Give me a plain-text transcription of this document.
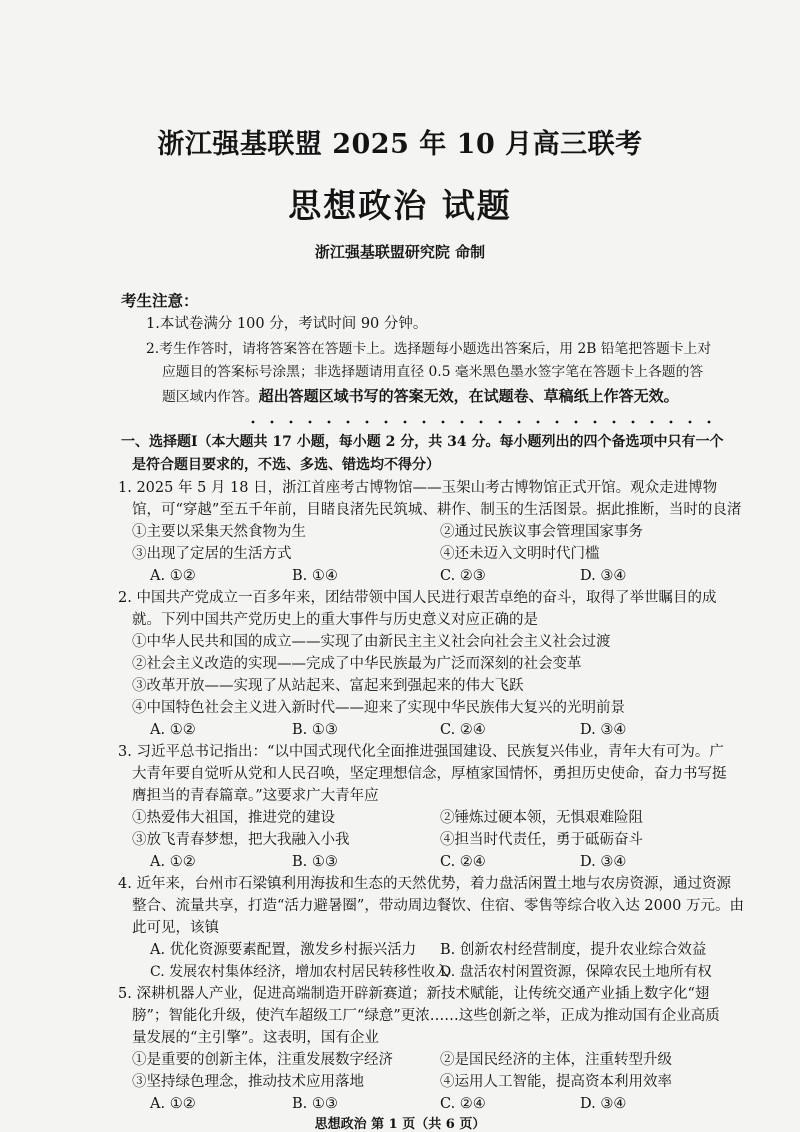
浙江强基联盟 2025 年 10 月高三联考
思想政治 试题
浙江强基联盟研究院 命制
考生注意：
1.本试卷满分 100 分，考试时间 90 分钟。
2.考生作答时，请将答案答在答题卡上。选择题每小题选出答案后，用 2B 铅笔把答题卡上对
应题目的答案标号涂黑；非选择题请用直径 0.5 毫米黑色墨水签字笔在答题卡上各题的答
题区域内作答。超出答题区域书写的答案无效，在试题卷、草稿纸上作答无效。
一、选择题Ⅰ（本大题共 17 小题，每小题 2 分，共 34 分。每小题列出的四个备选项中只有一个
是符合题目要求的，不选、多选、错选均不得分）
1. 2025 年 5 月 18 日，浙江首座考古博物馆——玉架山考古博物馆正式开馆。观众走进博物
馆，可“穿越”至五千年前，目睹良渚先民筑城、耕作、制玉的生活图景。据此推断，当时的良渚
①主要以采集天然食物为生	②通过民族议事会管理国家事务
③出现了定居的生活方式	④还未迈入文明时代门槛
A. ①②	B. ①④	C. ②③	D. ③④
2. 中国共产党成立一百多年来，团结带领中国人民进行艰苦卓绝的奋斗，取得了举世瞩目的成
就。下列中国共产党历史上的重大事件与历史意义对应正确的是
①中华人民共和国的成立——实现了由新民主主义社会向社会主义社会过渡
②社会主义改造的实现——完成了中华民族最为广泛而深刻的社会变革
③改革开放——实现了从站起来、富起来到强起来的伟大飞跃
④中国特色社会主义进入新时代——迎来了实现中华民族伟大复兴的光明前景
A. ①②	B. ①③	C. ②④	D. ③④
3. 习近平总书记指出：“以中国式现代化全面推进强国建设、民族复兴伟业，青年大有可为。广
大青年要自觉听从党和人民召唤，坚定理想信念，厚植家国情怀，勇担历史使命，奋力书写挺
膺担当的青春篇章。”这要求广大青年应
①热爱伟大祖国，推进党的建设	②锤炼过硬本领，无惧艰难险阻
③放飞青春梦想，把大我融入小我	④担当时代责任，勇于砥砺奋斗
A. ①②	B. ①③	C. ②④	D. ③④
4. 近年来，台州市石梁镇利用海拔和生态的天然优势，着力盘活闲置土地与农房资源，通过资源
整合、流量共享，打造“活力避暑圈”，带动周边餐饮、住宿、零售等综合收入达 2000 万元。由
此可见，该镇
A. 优化资源要素配置，激发乡村振兴活力 B. 创新农村经营制度，提升农业综合效益
C. 发展农村集体经济，增加农村居民转移性收入
D. 盘活农村闲置资源，保障农民土地所有权
5. 深耕机器人产业，促进高端制造开辟新赛道；新技术赋能，让传统交通产业插上数字化“翅
膀”；智能化升级，使汽车超级工厂“绿意”更浓……这些创新之举，正成为推动国有企业高质
量发展的“主引擎”。这表明，国有企业
①是重要的创新主体，注重发展数字经济	②是国民经济的主体，注重转型升级
③坚持绿色理念，推动技术应用落地	④运用人工智能，提高资本利用效率
A. ①②	B. ①③	C. ②④	D. ③④
思想政治 第 1 页（共 6 页）
